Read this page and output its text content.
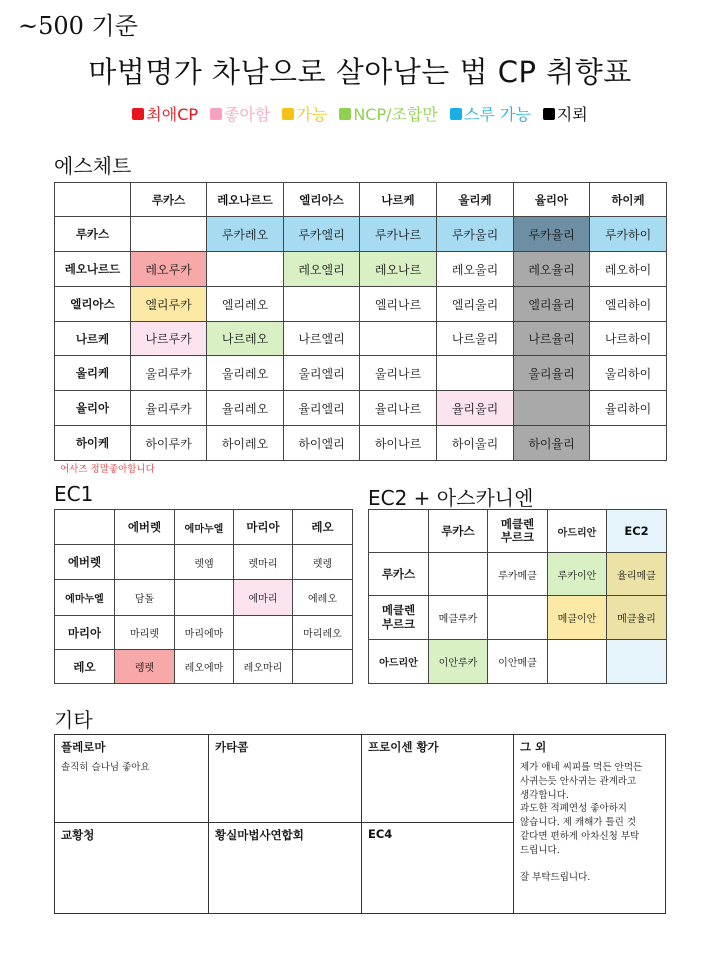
~500 기준
마법명가 차남으로 살아남는 법 CP 취향표
최애CP 좋아함 가능 NCP/조합만 스루 가능 지뢰
에스체트
	루카스	레오나르드	엘리아스	나르케	울리케	율리아	하이케
루카스		루카레오	루카엘리	루카나르	루카울리	루카율리	루카하이
레오나르드	레오루카		레오엘리	레오나르	레오울리	레오율리	레오하이
엘리아스	엘리루카	엘리레오		엘리나르	엘리울리	엘리율리	엘리하이
나르케	나르루카	나르레오	나르엘리		나르울리	나르율리	나르하이
울리케	울리루카	울리레오	울리엘리	울리나르		울리율리	울리하이
율리아	율리루카	율리레오	율리엘리	율리나르	율리울리		율리하이
하이케	하이루카	하이레오	하이엘리	하이나르	하이울리	하이율리	
어사즈 정말좋아합니다
EC1
	에버렛	에마누엘	마리아	레오
에버렛		렛엠	렛마리	렛렝
에마누엘	담돌		에마리	에레오
마리아	마리렛	마리에마		마리레오
레오	렝렛	레오에마	레오마리	
EC2 + 아스카니엔
	루카스	메클렌
부르크	아드리안	EC2
루카스		루카메클	루카이안	율리메클
메클렌
부르크	메클루카		메클이안	메클율리
아드리안	이안루카	이안메클		
기타
플레로마
솔직히 슬나님 좋아요
카타콤	프로이센 황가	그 외
제가 애네 씨피를 먹든 안먹든
사귀는듯 안사귀는 관계라고
생각합니다.
과도한 적폐연성 좋아하지
않습니다. 제 캐해가 틀린 것
같다면 편하게 아차신청 부탁
드립니다.

잘 부탁드립니다.
교황청	황실마법사연합회	EC4
